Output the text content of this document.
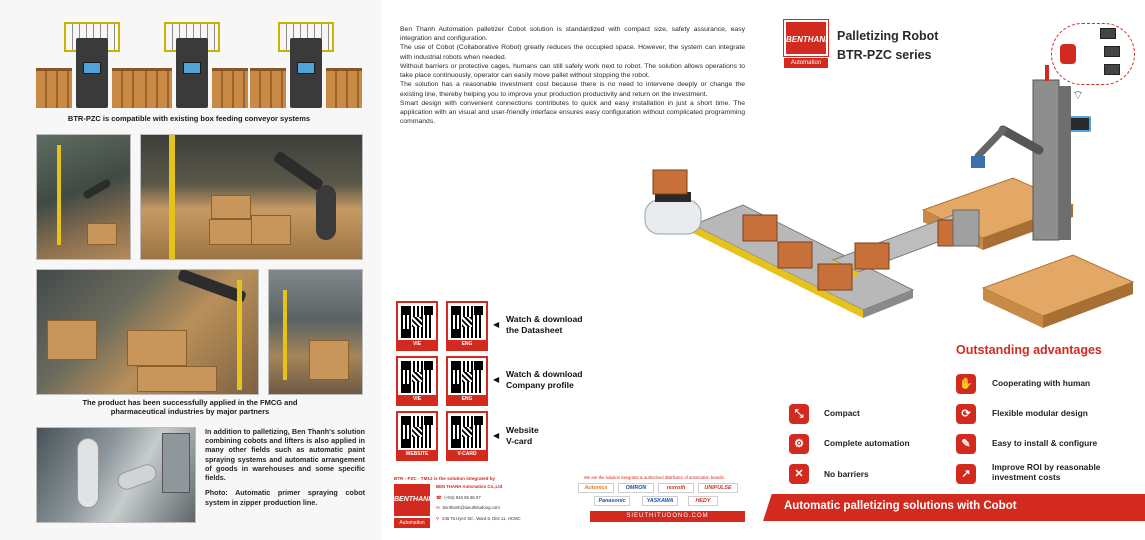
BTR-PZC is compatible with existing box feeding conveyor systems
The product has been successfully applied in the FMCG and pharmaceutical industries by major partners
In addition to palletizing, Ben Thanh's solution combining cobots and lifters is also applied in many other fields such as automatic paint spraying systems and automatic arrangement of goods in warehouses and some specific fields.
Photo: Automatic primer spraying cobot system in zipper production line.

Ben Thanh Automation palletizer Cobot solution is standardized with compact size, safety assurance, easy integration and configuration.

The use of Cobot (Collaborative Robot) greatly reduces the occupied space. However, the system can integrate with industrial robots when needed.

Without barriers or protective cages, humans can still safely work next to robot. The solution allows operations to take place continuously, operator can easily move pallet without stopping the robot.

The solution has a reasonable investment cost because there is no need to intervene deeply or change the existing line, thereby helping you to improve your production productivity and return on the investment.

Smart design with convenient connections contributes to quick and easy installation in just a short time. The application with an visual and user-friendly interface ensures easy configuration without complicated programming commands.

VIE	ENG
◀
Watch & download
the Datasheet
VIE	ENG
◀
Watch & download
Company profile
WEBSITE	V-CARD
◀
Website
V-card
BTR - PZC - TM12 is the solution integrated by
BENTHANH
Automation
BEN THANH Automation Co.,Ltd
☎ (+84) 916 55 66 57
✉ benthanh@sieuthitudong.com
⚲ 245 Ta Uyen Str., Ward 6, Dist 11, HCMC
We are the solution integrator & authorized distributor of automation brands:
Autonics	OMRON	rexroth	UNIPULSE
Panasonic	YASKAWA	HEDY
BENTHANH
Automation
Palletizing Robot
BTR-PZC series
⌔
Outstanding advantages
⤡	Compact
⚙	Complete automation
✕	No barriers
✋	Cooperating with human
⟳	Flexible modular design
✎	Easy to install & configure
↗
Improve ROI by reasonable investment costs
Automatic palletizing solutions with Cobot
SIEUTHITUDONG.COM
